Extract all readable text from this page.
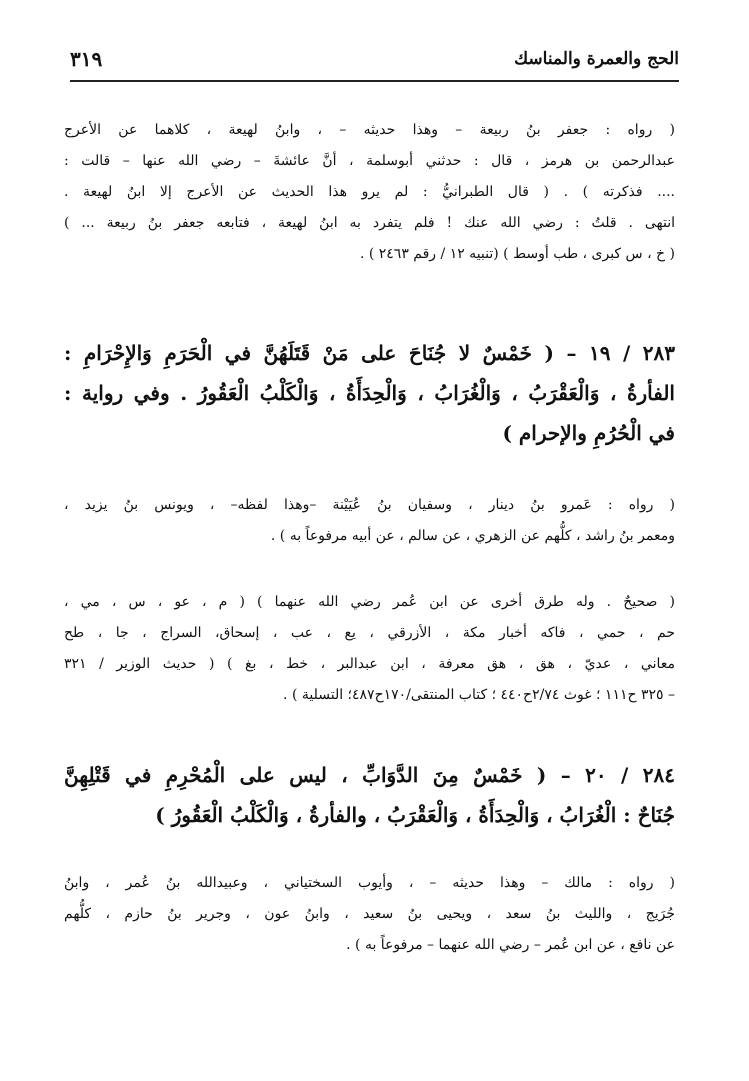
الحج والعمرة والمناسك
٣١٩
( رواه : جعفر بنُ ربيعة – وهذا حديثه – ، وابنُ لهيعة ، كلاهما عن الأعرج
عبدالرحمن بن هرمز ، قال : حدثني أبوسلمة ، أنَّ عائشةَ – رضي الله عنها – قالت :
.... فذكرته ) . ( قال الطبرانيُّ : لم يرو هذا الحديث عن الأعرج إلا ابنُ لهيعة .
انتهى . قلتُ : رضي الله عنك ! فلم يتفرد به ابنُ لهيعة ، فتابعه جعفر بنُ ربيعة ... )
( خ ، س كبرى ، طب أوسط ) (تنبيه ١٢ / رقم ٢٤٦٣ ) .
٢٨٣ / ١٩ – ( خَمْسٌ لا جُنَاحَ على مَنْ قَتَلَهُنَّ في الْحَرَمِ وَالإِحْرَامِ :
الفأرةُ ، وَالْعَقْرَبُ ، وَالْغُرَابُ ، وَالْحِدَأَةُ ، وَالْكَلْبُ الْعَقُورُ . وفي رواية :
في الْحُرُمِ والإحرام )
( رواه : عَمرو بنُ دينار ، وسفيان بنُ عُيَيْنة –وهذا لفظه– ، ويونس بنُ يزيد ،
ومعمر بنُ راشد ، كلُّهم عن الزهري ، عن سالم ، عن أبيه مرفوعاً به ) .
( صحيحٌ . وله طرق أخرى عن ابن عُمر رضي الله عنهما ) ( م ، عو ، س ، مي ،
حم ، حمي ، فاكه أخبار مكة ، الأزرقي ، يع ، عب ، إسحاق، السراج ، جا ، طح
معاني ، عديّ ، هق ، هق معرفة ، ابن عبدالبر ، خط ، بغ ) ( حديث الوزير / ٣٢١
– ٣٢٥ ح١١١ ؛ غوث ٢/٧٤ح٤٤٠ ؛ كتاب المنتقى/١٧٠ح٤٨٧؛ التسلية ) .
٢٨٤ / ٢٠ – ( خَمْسٌ مِنَ الدَّوَابِّ ، ليس على الْمُحْرِمِ في قَتْلِهِنَّ
جُنَاحٌ : الْغُرَابُ ، وَالْحِدَأَةُ ، وَالْعَقْرَبُ ، والفأرةُ ، وَالْكَلْبُ الْعَقُورُ )
( رواه : مالك – وهذا حديثه – ، وأيوب السختياني ، وعبيدالله بنُ عُمر ، وابنُ
جُرَيج ، والليث بنُ سعد ، ويحيى بنُ سعيد ، وابنُ عون ، وجرير بنُ حازم ، كلُّهم
عن نافع ، عن ابن عُمر – رضي الله عنهما – مرفوعاً به ) .
